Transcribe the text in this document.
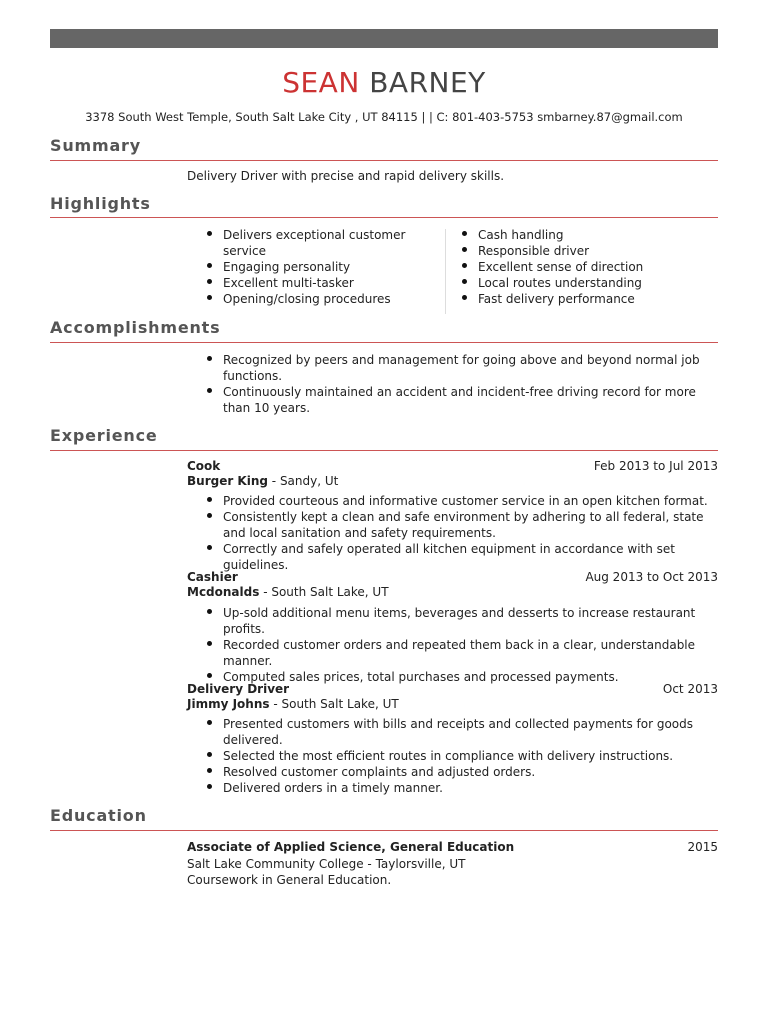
SEAN BARNEY
3378 South West Temple, South Salt Lake City , UT 84115 | | C: 801-403-5753 smbarney.87@gmail.com
Summary
Delivery Driver with precise and rapid delivery skills.
Highlights
Delivers exceptional customer service
Engaging personality
Excellent multi-tasker
Opening/closing procedures
Cash handling
Responsible driver
Excellent sense of direction
Local routes understanding
Fast delivery performance
Accomplishments
Recognized by peers and management for going above and beyond normal job functions.
Continuously maintained an accident and incident-free driving record for more than 10 years.
Experience
Cook	Feb 2013 to Jul 2013
Burger King - Sandy, Ut
Provided courteous and informative customer service in an open kitchen format.
Consistently kept a clean and safe environment by adhering to all federal, state and local sanitation and safety requirements.
Correctly and safely operated all kitchen equipment in accordance with set guidelines.
Cashier	Aug 2013 to Oct 2013
Mcdonalds - South Salt Lake, UT
Up-sold additional menu items, beverages and desserts to increase restaurant profits.
Recorded customer orders and repeated them back in a clear, understandable manner.
Computed sales prices, total purchases and processed payments.
Delivery Driver	Oct 2013
Jimmy Johns - South Salt Lake, UT
Presented customers with bills and receipts and collected payments for goods delivered.
Selected the most efficient routes in compliance with delivery instructions.
Resolved customer complaints and adjusted orders.
Delivered orders in a timely manner.
Education
Associate of Applied Science, General Education	2015
Salt Lake Community College - Taylorsville, UT
Coursework in General Education.
